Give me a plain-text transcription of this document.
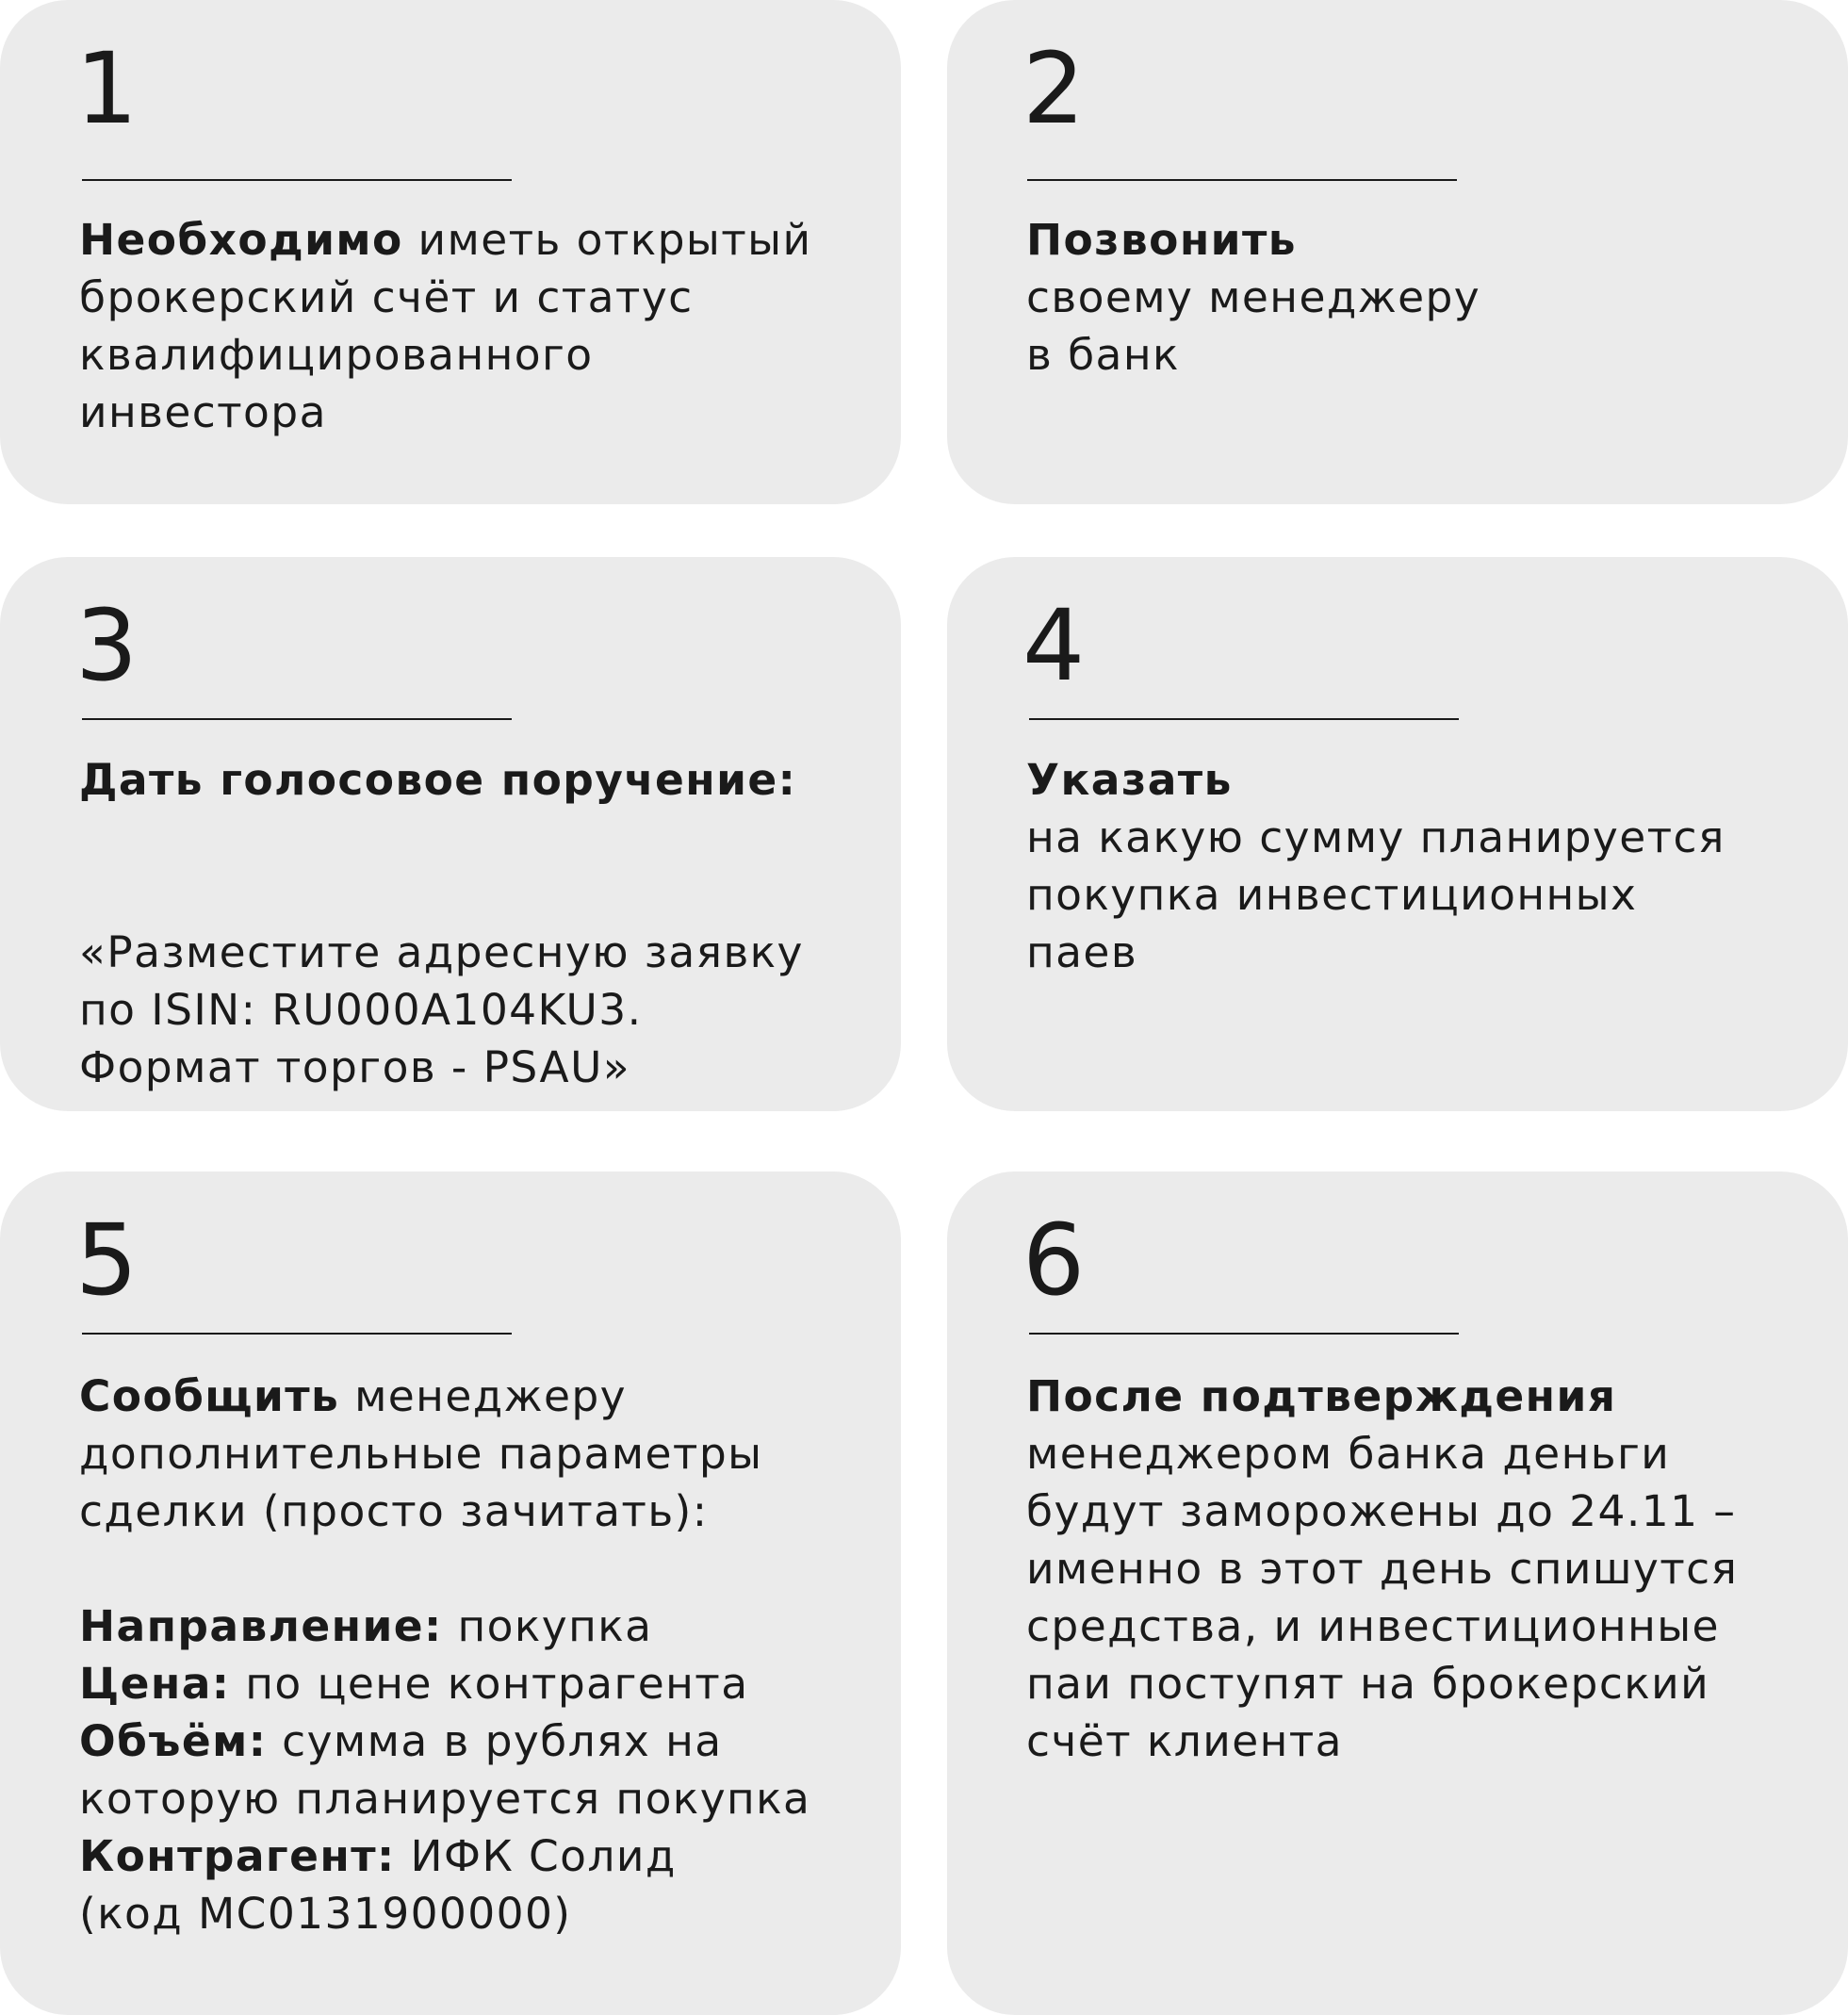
1
Необходимо иметь открытый
брокерский счёт и статус
квалифицированного
инвестора
2
Позвонить
своему менеджеру
в банк
3
Дать голосовое поручение:
«Разместите адресную заявку
по ISIN: RU000A104KU3.
Формат торгов - PSAU»
4
Указать
на какую сумму планируется
покупка инвестиционных
паев
5
Сообщить менеджеру
дополнительные параметры
сделки (просто зачитать):

Направление: покупка
Цена: по цене контрагента
Объём: сумма в рублях на
которую планируется покупка
Контрагент: ИФК Солид
(код МС0131900000)
6
После подтверждения
менеджером банка деньги
будут заморожены до 24.11 –
именно в этот день спишутся
средства, и инвестиционные
паи поступят на брокерский
счёт клиента
